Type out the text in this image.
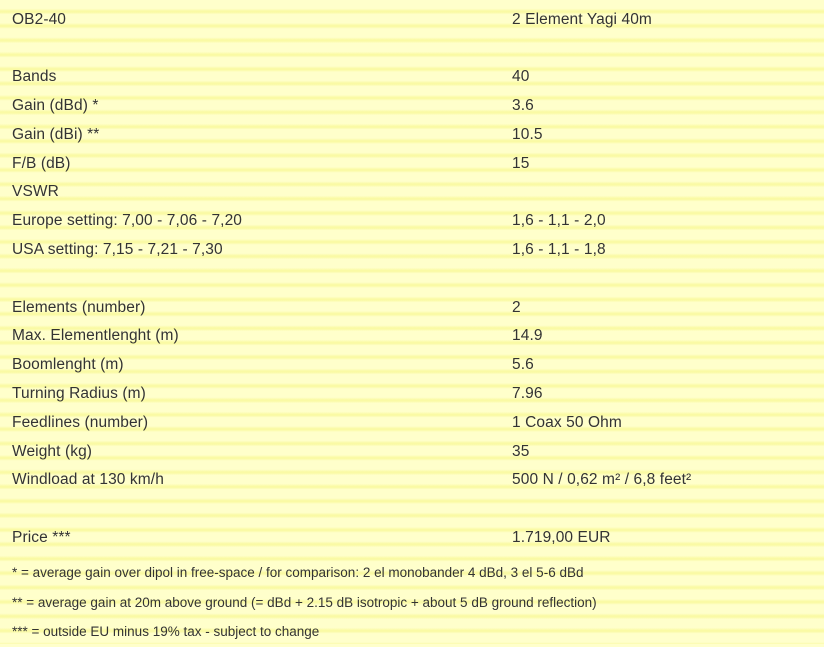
OB2-40	2 Element Yagi 40m
Bands	40
Gain (dBd) *	3.6
Gain (dBi) **	10.5
F/B (dB)	15
VSWR
Europe setting: 7,00 - 7,06 - 7,20	1,6 - 1,1 - 2,0
USA setting: 7,15 - 7,21 - 7,30	1,6 - 1,1 - 1,8
Elements (number)	2
Max. Elementlenght (m)	14.9
Boomlenght (m)	5.6
Turning Radius (m)	7.96
Feedlines (number)	1 Coax 50 Ohm
Weight (kg)	35
Windload at 130 km/h	500 N / 0,62 m² / 6,8 feet²
Price ***	1.719,00 EUR
* = average gain over dipol in free-space / for comparison: 2 el monobander 4 dBd, 3 el 5-6 dBd
** = average gain at 20m above ground (= dBd + 2.15 dB isotropic + about 5 dB ground reflection)
*** = outside EU minus 19% tax - subject to change
